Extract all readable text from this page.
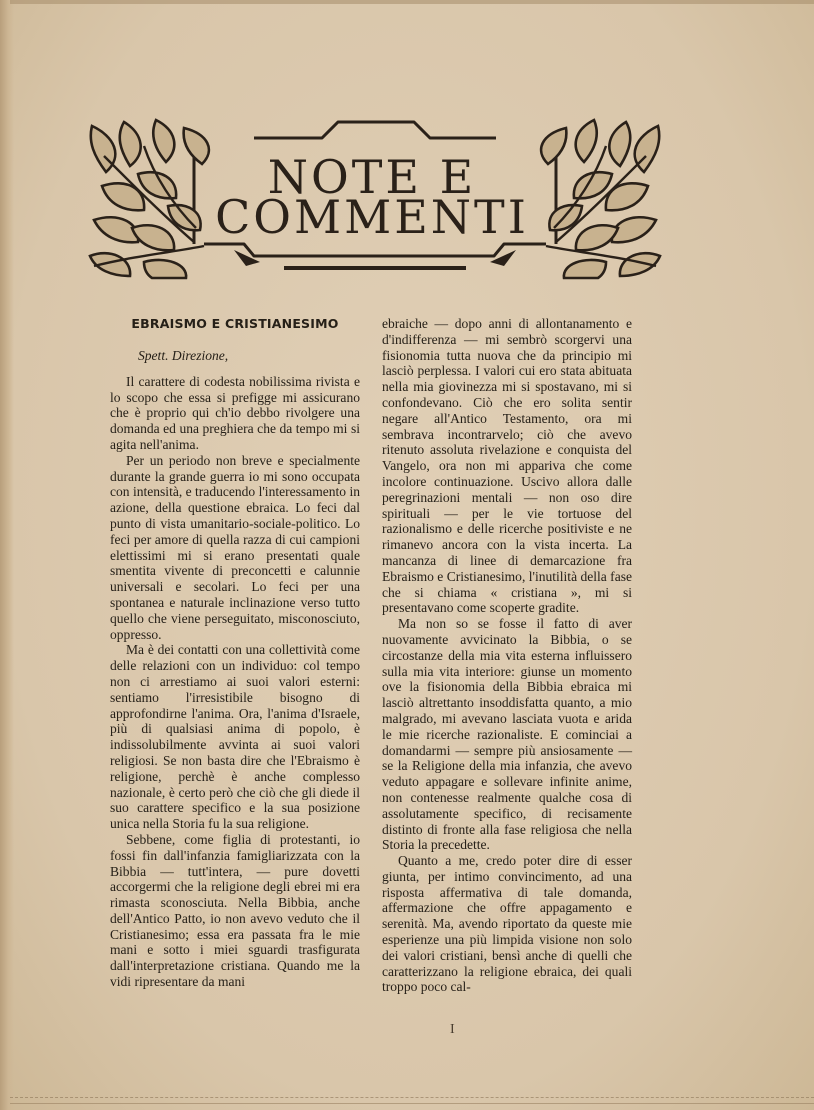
NOTE E
COMMENTI
EBRAISMO E CRISTIANESIMO

Spett. Direzione,

Il carattere di codesta nobilissima rivista e lo scopo che essa si prefigge mi assicurano che è proprio qui ch'io debbo rivolgere una domanda ed una preghiera che da tempo mi si agita nell'anima.

Per un periodo non breve e specialmente durante la grande guerra io mi sono occupata con intensità, e traducendo l'interessamento in azione, della questione ebraica. Lo feci dal punto di vista umanitario-sociale-politico. Lo feci per amore di quella razza di cui campioni elettissimi mi si erano presentati quale smentita vivente di preconcetti e calunnie universali e secolari. Lo feci per una spontanea e naturale inclinazione verso tutto quello che viene perseguitato, misconosciuto, oppresso.

Ma è dei contatti con una collettività come delle relazioni con un individuo: col tempo non ci arrestiamo ai suoi valori esterni: sentiamo l'irresistibile bisogno di approfondirne l'anima. Ora, l'anima d'Israele, più di qualsiasi anima di popolo, è indissolubilmente avvinta ai suoi valori religiosi. Se non basta dire che l'Ebraismo è religione, perchè è anche complesso nazionale, è certo però che ciò che gli diede il suo carattere specifico e la sua posizione unica nella Storia fu la sua religione.

Sebbene, come figlia di protestanti, io fossi fin dall'infanzia famigliarizzata con la Bibbia — tutt'intera, — pure dovetti accorgermi che la religione degli ebrei mi era rimasta sconosciuta. Nella Bibbia, anche dell'Antico Patto, io non avevo veduto che il Cristianesimo; essa era passata fra le mie mani e sotto i miei sguardi trasfigurata dall'interpretazione cristiana. Quando me la vidi ripresentare da mani

ebraiche — dopo anni di allontanamento e d'indifferenza — mi sembrò scorgervi una fisionomia tutta nuova che da principio mi lasciò perplessa. I valori cui ero stata abituata nella mia giovinezza mi si spostavano, mi si confondevano. Ciò che ero solita sentir negare all'Antico Testamento, ora mi sembrava incontrarvelo; ciò che avevo ritenuto assoluta rivelazione e conquista del Vangelo, ora non mi appariva che come incolore continuazione. Uscivo allora dalle peregrinazioni mentali — non oso dire spirituali — per le vie tortuose del razionalismo e delle ricerche positiviste e ne rimanevo ancora con la vista incerta. La mancanza di linee di demarcazione fra Ebraismo e Cristianesimo, l'inutilità della fase che si chiama « cristiana », mi si presentavano come scoperte gradite.

Ma non so se fosse il fatto di aver nuovamente avvicinato la Bibbia, o se circostanze della mia vita esterna influissero sulla mia vita interiore: giunse un momento ove la fisionomia della Bibbia ebraica mi lasciò altrettanto insoddisfatta quanto, a mio malgrado, mi avevano lasciata vuota e arida le mie ricerche razionaliste. E cominciai a domandarmi — sempre più ansiosamente — se la Religione della mia infanzia, che avevo veduto appagare e sollevare infinite anime, non contenesse realmente qualche cosa di assolutamente specifico, di recisamente distinto di fronte alla fase religiosa che nella Storia la precedette.

Quanto a me, credo poter dire di esser giunta, per intimo convincimento, ad una risposta affermativa di tale domanda, affermazione che offre appagamento e serenità. Ma, avendo riportato da queste mie esperienze una più limpida visione non solo dei valori cristiani, bensì anche di quelli che caratterizzano la religione ebraica, dei quali troppo poco cal-

I
